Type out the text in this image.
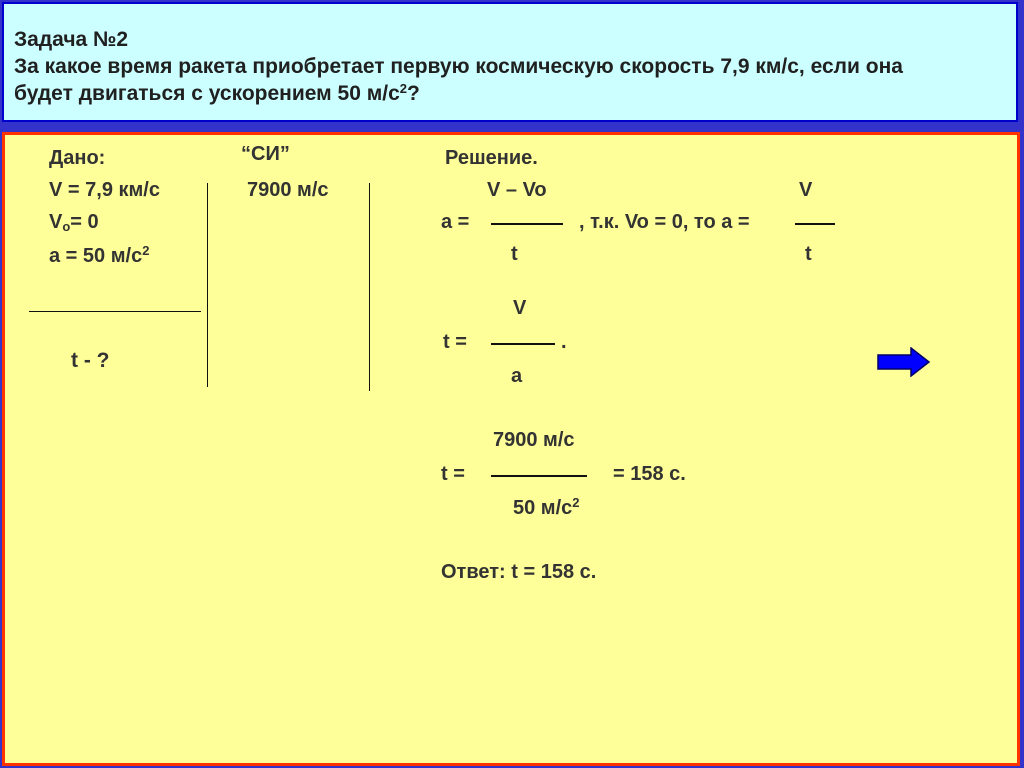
Задача №2
За какое время ракета приобретает первую космическую скорость 7,9 км/с, если она
будет двигаться с ускорением 50 $м/с^2$?
Дано:
V = 7,9 км/с
$V_o= 0$
a = 50 $м/с^2$
t - ?
“СИ”
7900 м/с
Решение.
V – Vo
a =
t
, т.к. Vo = 0, то a =
V
t
V
t =	.
a
7900 м/с
t =	= 158 с.
50 $м/с^2$
Ответ: t = 158 с.
